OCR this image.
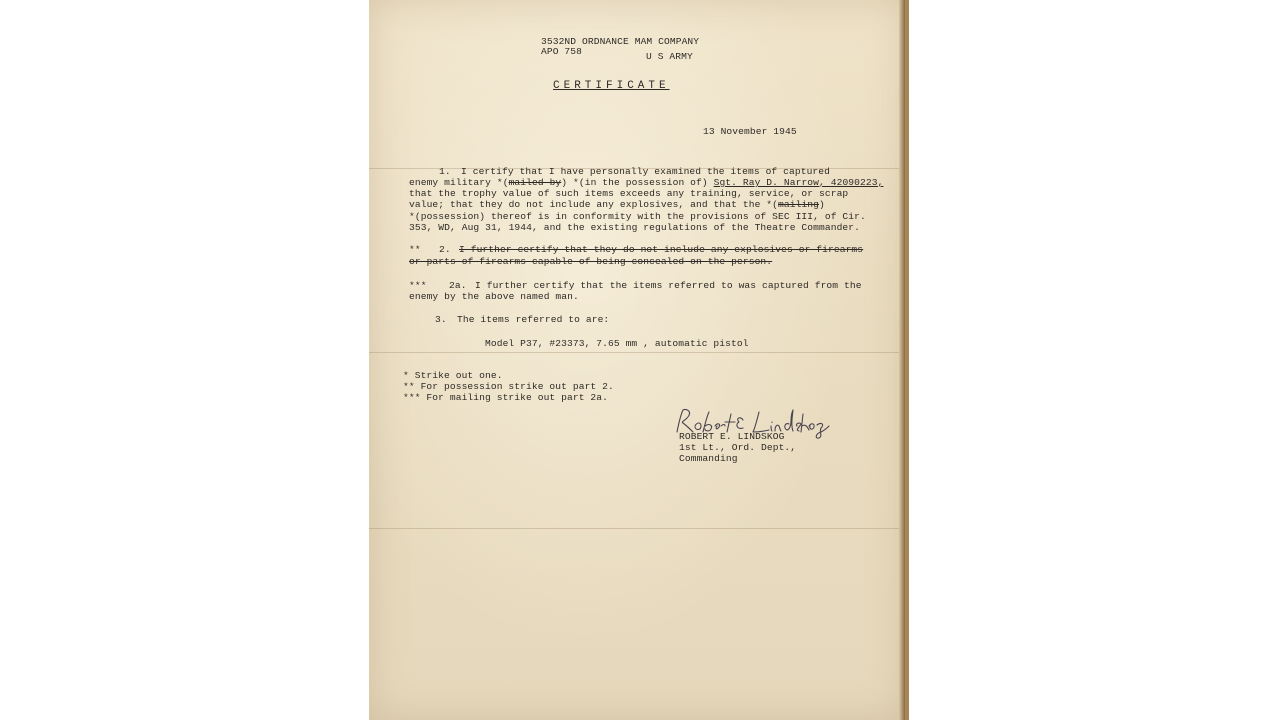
3532ND ORDNANCE MAM COMPANY
APO 758	U S ARMY
CERTIFICATE
13 November 1945
1. I certify that I have personally examined the items of captured
enemy military *(mailed by) *(in the possession of) Sgt. Ray D. Narrow, 42090223,
that the trophy value of such items exceeds any training, service, or scrap
value; that they do not include any explosives, and that the *(mailing)
*(possession) thereof is in conformity with the provisions of SEC III, of Cir.
353, WD, Aug 31, 1944, and the existing regulations of the Theatre Commander.
** 2. I further certify that they do not include any explosives or firearms
or parts of firearms capable of being concealed on the person.
*** 2a. I further certify that the items referred to was captured from the
enemy by the above named man.
3. The items referred to are:
Model P37, #23373, 7.65 mm , automatic pistol
* Strike out one.
** For possession strike out part 2.
*** For mailing strike out part 2a.
ROBERT E. LINDSKOG
1st Lt., Ord. Dept.,
Commanding
